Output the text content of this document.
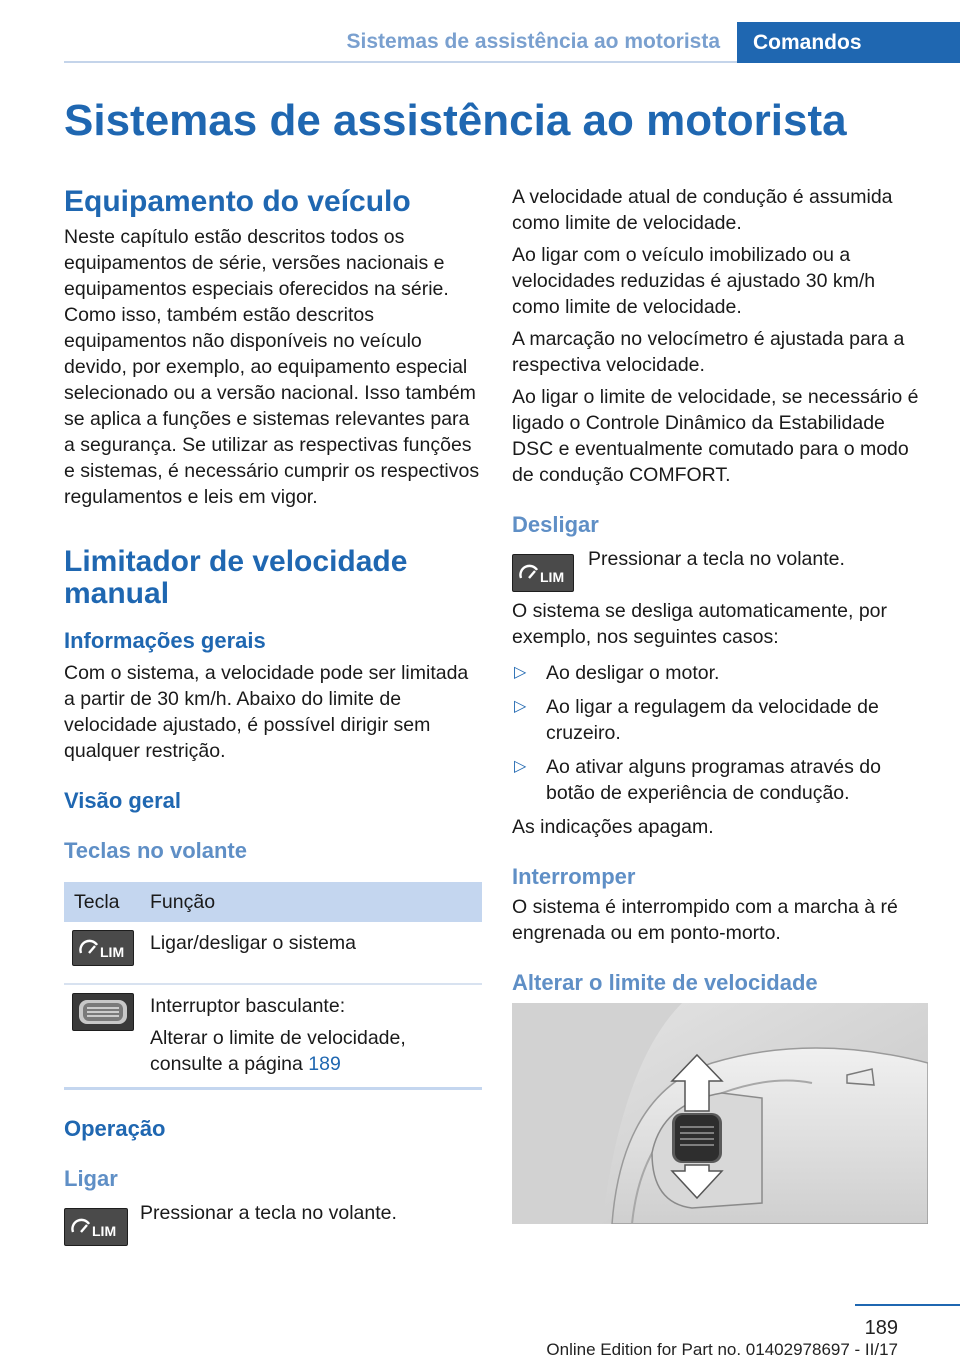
Sistemas de assistência ao motorista	Comandos
Sistemas de assistência ao motorista
Equipamento do veículo

Neste capítulo estão descritos todos os equipamentos de série, versões nacionais e equipamentos especiais oferecidos na série. Como isso, também estão descritos equipamentos não disponíveis no veículo devido, por exemplo, ao equipamento especial selecionado ou a versão nacional. Isso também se aplica a funções e sistemas relevantes para a segurança. Se utilizar as respectivas funções e sistemas, é necessário cumprir os respectivos regulamentos e leis em vigor.

Limitador de velocidade manual
Informações gerais

Com o sistema, a velocidade pode ser limitada a partir de 30 km/h. Abaixo do limite de velocidade ajustado, é possível dirigir sem qualquer restrição.

Visão geral
Teclas no volante
Tecla	Função

LIM	Ligar/desligar o sistema

Interruptor basculante:
Alterar o limite de velocidade, consulte a página 189
Operação
Ligar
LIM

Pressionar a tecla no volante.

A velocidade atual de condução é assumida como limite de velocidade.

Ao ligar com o veículo imobilizado ou a velocidades reduzidas é ajustado 30 km/h como limite de velocidade.

A marcação no velocímetro é ajustada para a respectiva velocidade.

Ao ligar o limite de velocidade, se necessário é ligado o Controle Dinâmico da Estabilidade DSC e eventualmente comutado para o modo de condução COMFORT.

Desligar
LIM

Pressionar a tecla no volante.

O sistema se desliga automaticamente, por exemplo, nos seguintes casos:

▷ Ao desligar o motor.
▷ Ao ligar a regulagem da velocidade de cruzeiro.
▷ Ao ativar alguns programas através do botão de experiência de condução.

As indicações apagam.

Interromper

O sistema é interrompido com a marcha à ré engrenada ou em ponto-morto.

Alterar o limite de velocidade
189
Online Edition for Part no. 01402978697 - II/17
